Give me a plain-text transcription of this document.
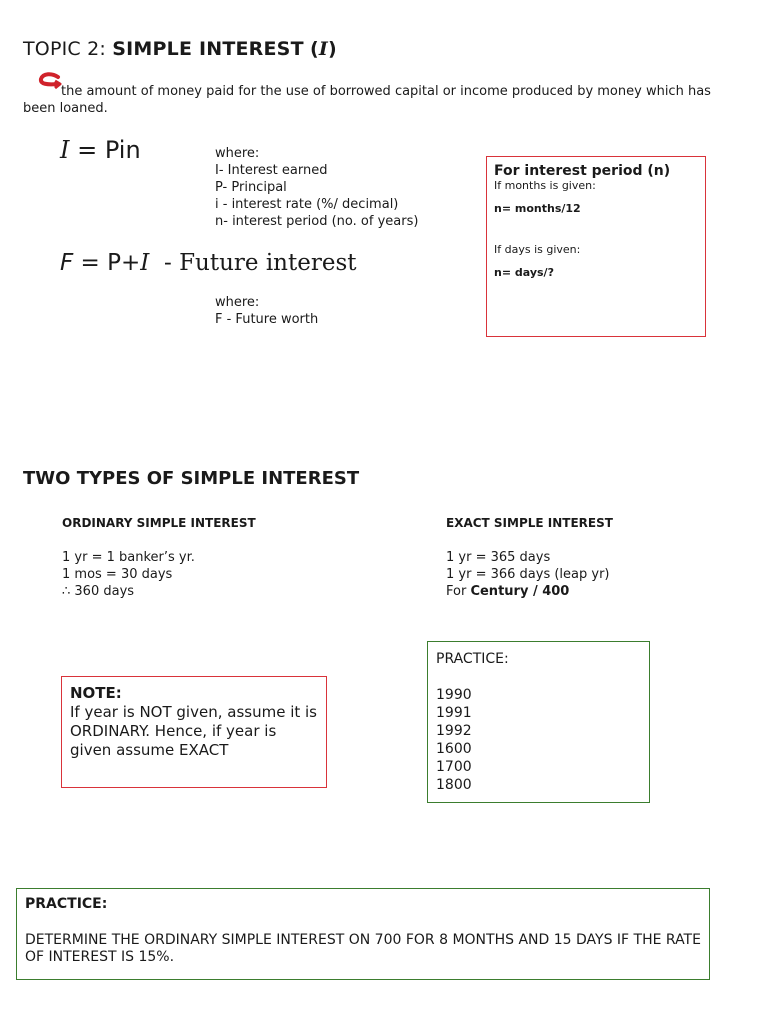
TOPIC 2: SIMPLE INTEREST (I)
the amount of money paid for the use of borrowed capital or income produced by money which has been loaned.
I = Pin	where:
I- Interest earned
P- Principal
i - interest rate (%/ decimal)
n- interest period (no. of years)
F = P+I  - Future interest
where:
F - Future worth
For interest period (n)
If months is given:
n= months/12
If days is given:
n= days/?
TWO TYPES OF SIMPLE INTEREST
ORDINARY SIMPLE INTEREST
1 yr = 1 banker’s yr.
1 mos = 30 days
∴ 360 days
EXACT SIMPLE INTEREST
1 yr = 365 days
1 yr = 366 days (leap yr)
For Century / 400
PRACTICE:
1990
1991
1992
1600
1700
1800
NOTE:
If year is NOT given, assume it is ORDINARY. Hence, if year is given assume EXACT
PRACTICE:
DETERMINE THE ORDINARY SIMPLE INTEREST ON 700 FOR 8 MONTHS AND 15 DAYS IF THE RATE OF INTEREST IS 15%.
